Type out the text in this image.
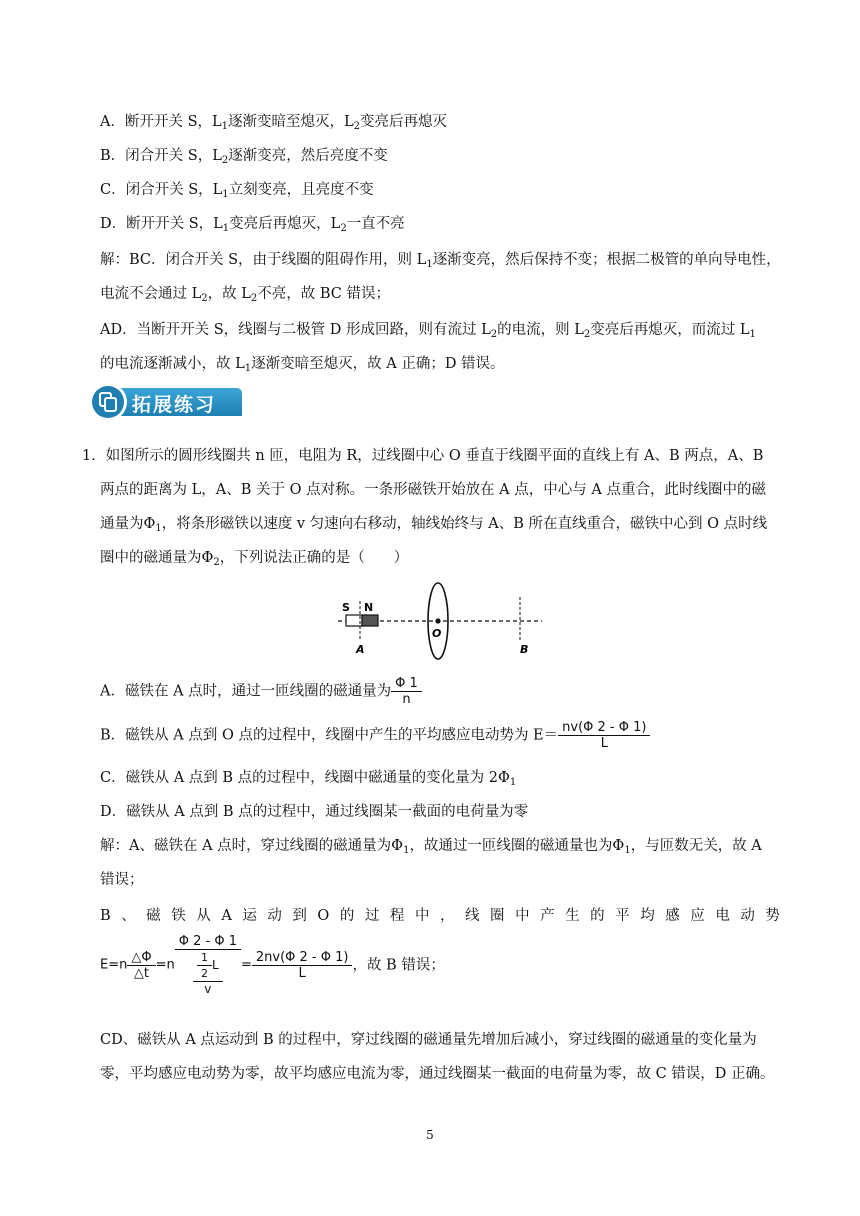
A．断开开关 S，$L_1$逐渐变暗至熄灭，$L_2$变亮后再熄灭
B．闭合开关 S，$L_2$逐渐变亮，然后亮度不变
C．闭合开关 S，$L_1$立刻变亮，且亮度不变
D．断开开关 S，$L_1$变亮后再熄灭，$L_2$一直不亮
解：BC．闭合开关 S，由于线圈的阻碍作用，则 $L_1$逐渐变亮，然后保持不变；根据二极管的单向导电性，
电流不会通过 $L_2$，故 $L_2$不亮，故 BC 错误；
AD．当断开开关 S，线圈与二极管 D 形成回路，则有流过 $L_2$的电流，则 $L_2$变亮后再熄灭，而流过 $L_1$
的电流逐渐减小，故 $L_1$逐渐变暗至熄灭，故 A 正确；D 错误。
拓展练习
1．如图所示的圆形线圈共 n 匝，电阻为 R，过线圈中心 O 垂直于线圈平面的直线上有 A、B 两点，A、B
两点的距离为 L，A、B 关于 O 点对称。一条形磁铁开始放在 A 点，中心与 A 点重合，此时线圈中的磁
通量为$\Phi_1$，将条形磁铁以速度 v 匀速向右移动，轴线始终与 A、B 所在直线重合，磁铁中心到 O 点时线
圈中的磁通量为$\Phi_2$，下列说法正确的是（　　）
S N
O
A	B
A．磁铁在 A 点时，通过一匝线圈的磁通量为 $\frac{\Phi 1}{n}$
B．磁铁从 A 点到 O 点的过程中，线圈中产生的平均感应电动势为 $E= \frac{nv(\Phi 2 - \Phi 1)}{L}$
C．磁铁从 A 点到 B 点的过程中，线圈中磁通量的变化量为 $2\Phi_1$
D．磁铁从 A 点到 B 点的过程中，通过线圈某一截面的电荷量为零
解：A、磁铁在 A 点时，穿过线圈的磁通量为$\Phi_1$，故通过一匝线圈的磁通量也为$\Phi_1$，与匝数无关，故 A
错误；
B 、 磁 铁 从 A 运 动 到 O 的 过 程 中 ， 线 圈 中 产 生 的 平 均 感 应 电 动 势
$E=n \frac{\triangle\Phi}{\triangle t} =n \frac{\Phi 2 - \Phi 1}{\frac{\frac{1}{2} L}{v}} = \frac{2nv(\Phi 2 - \Phi 1)}{L}$ ，故 B 错误；
CD、磁铁从 A 点运动到 B 的过程中，穿过线圈的磁通量先增加后减小，穿过线圈的磁通量的变化量为
零，平均感应电动势为零，故平均感应电流为零，通过线圈某一截面的电荷量为零，故 C 错误，D 正确。
5
